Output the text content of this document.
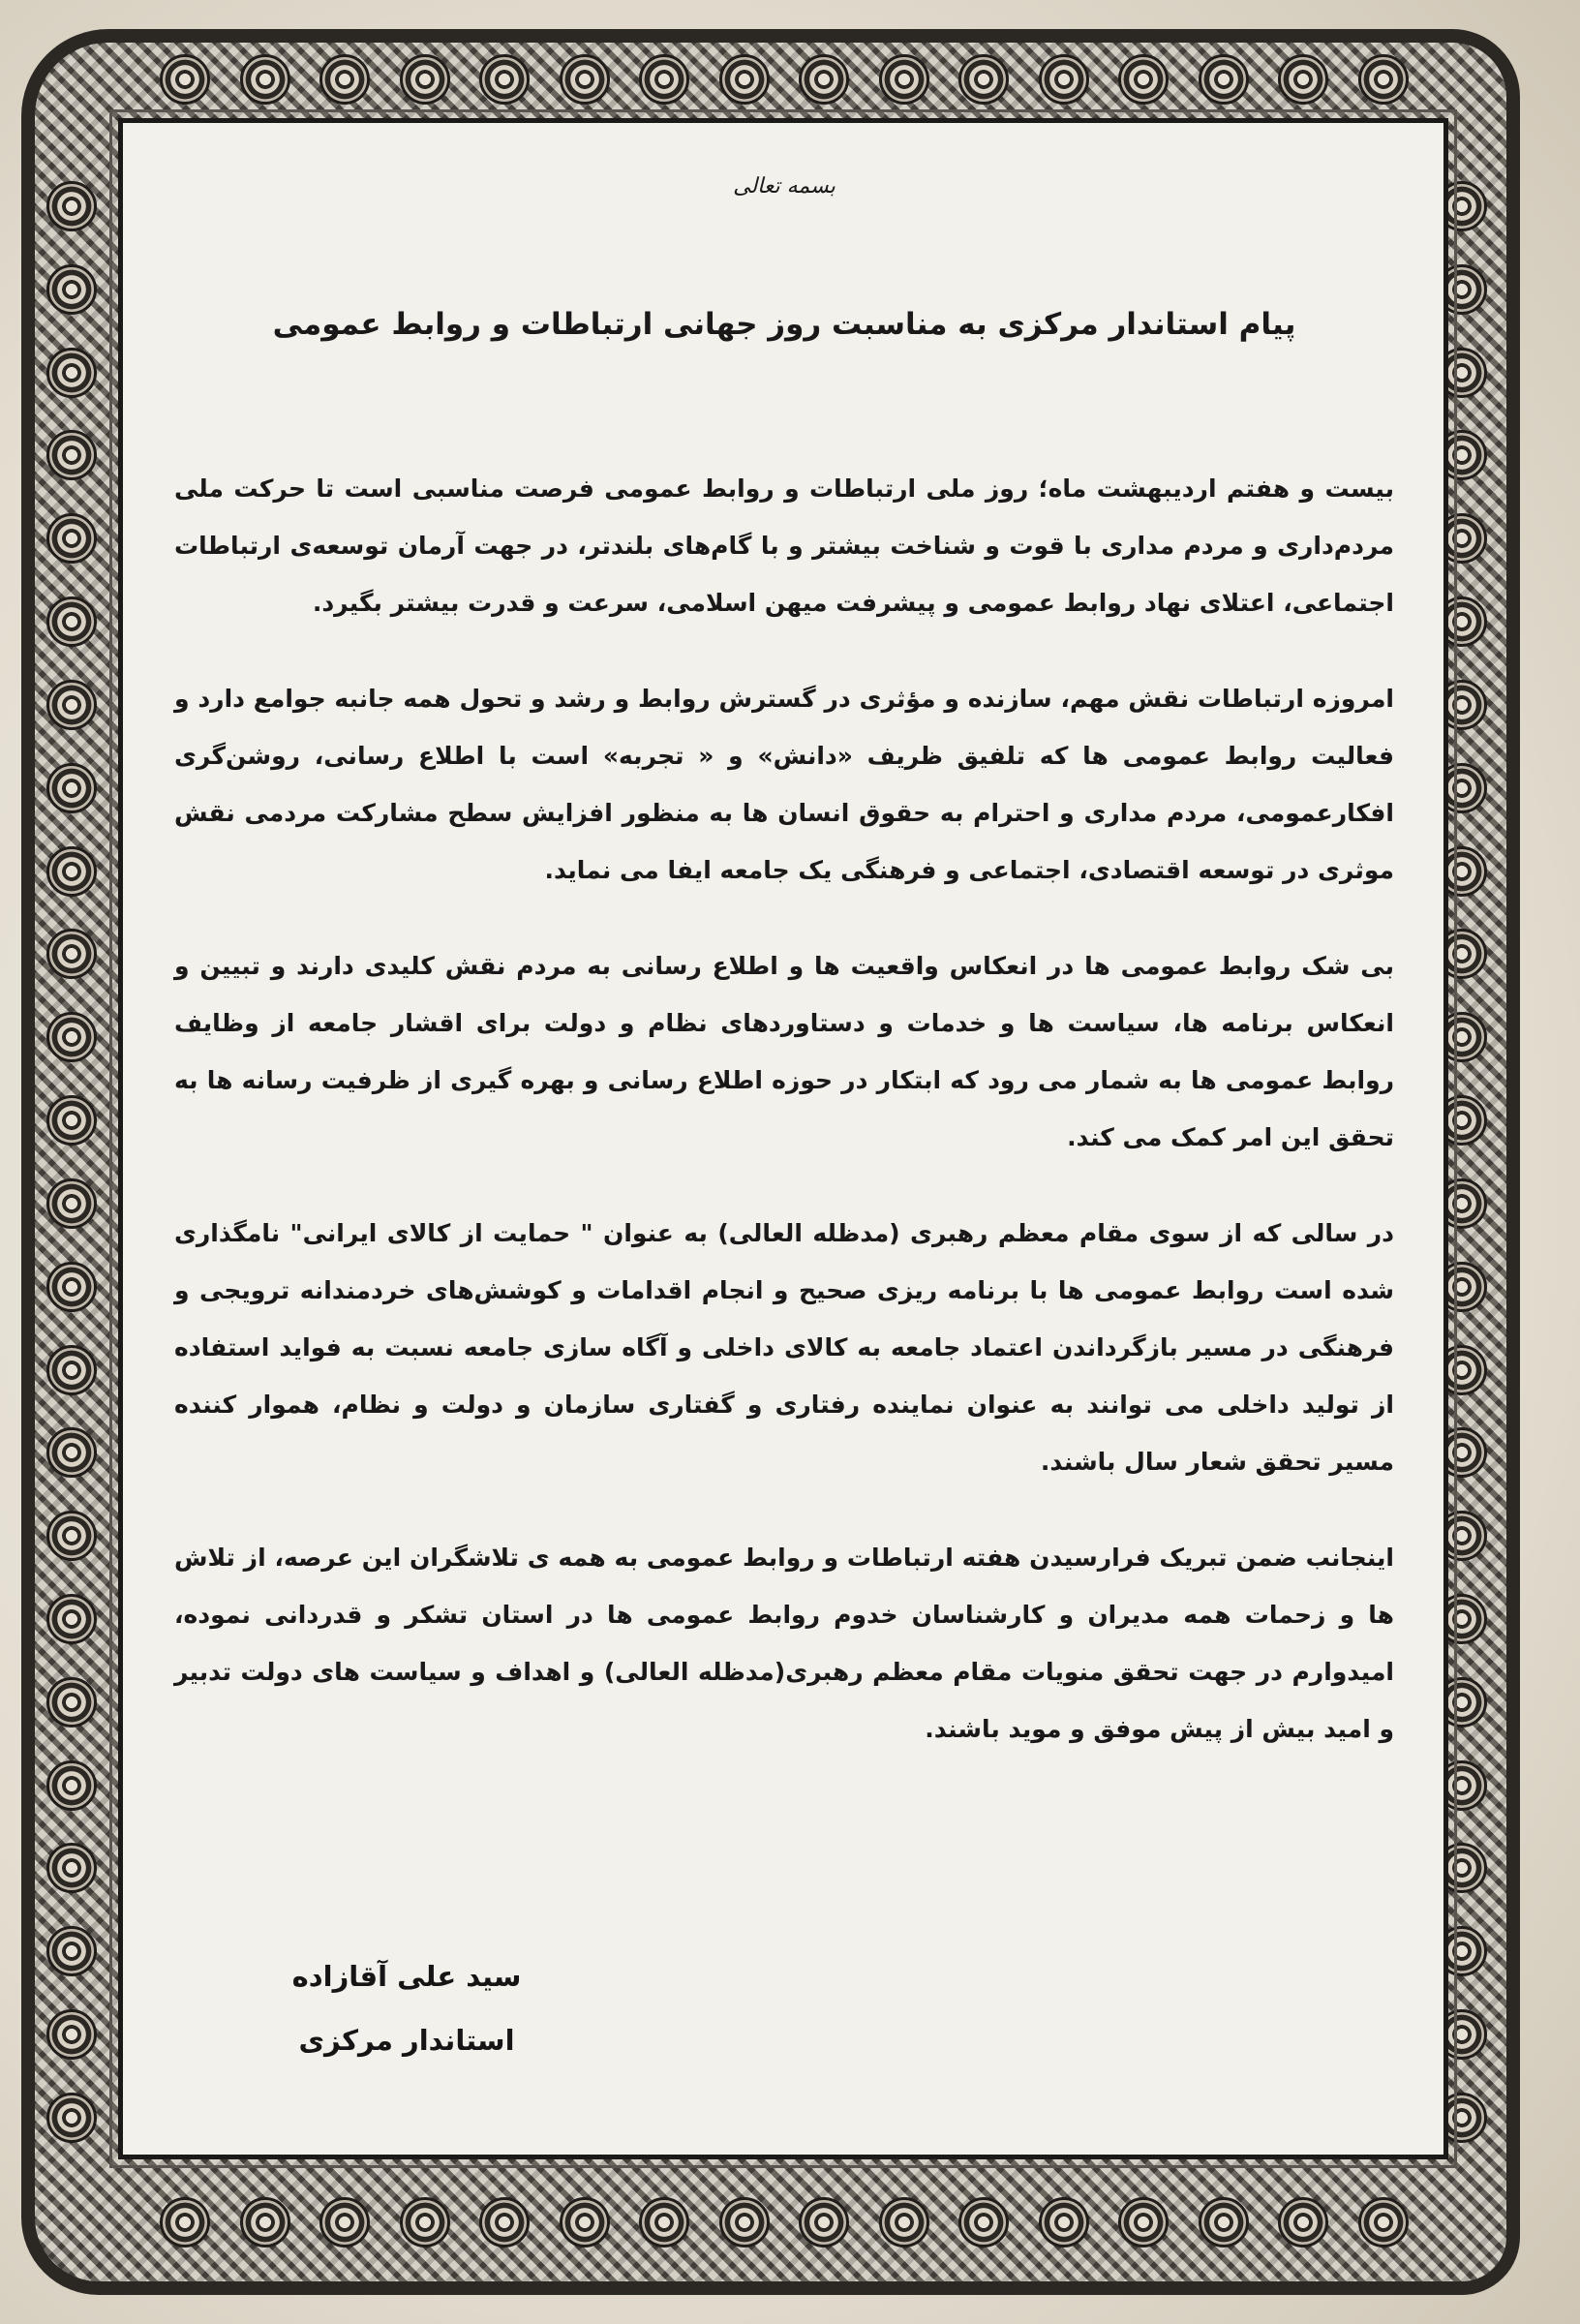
بسمه تعالی
پیام استاندار مرکزی به مناسبت روز جهانی ارتباطات و روابط عمومی

بیست و هفتم اردیبهشت ماه؛ روز ملی ارتباطات و روابط عمومی فرصت مناسبی است تا حرکت ملی مردم‌داری و مردم مداری با قوت و شناخت بیشتر و با گام‌های بلندتر، در جهت آرمان توسعه‌ی ارتباطات اجتماعی، اعتلای نهاد روابط عمومی و پیشرفت میهن اسلامی، سرعت و قدرت بیشتر بگیرد.

امروزه ارتباطات نقش مهم، سازنده و مؤثری در گسترش روابط و رشد و تحول همه جانبه جوامع دارد و فعالیت روابط عمومی ها که تلفیق ظریف «دانش» و « تجربه» است با اطلاع رسانی، روشن‌گری افکارعمومی، مردم مداری و احترام به حقوق انسان ها به منظور افزایش سطح مشارکت مردمی نقش موثری در توسعه اقتصادی، اجتماعی و فرهنگی یک جامعه ایفا می نماید.

بی شک روابط عمومی ها در انعکاس واقعیت ها و اطلاع رسانی به مردم نقش کلیدی دارند و تبیین و انعکاس برنامه ها، سیاست ها و خدمات و دستاوردهای نظام و دولت برای اقشار جامعه از وظایف روابط عمومی ها به شمار می رود که ابتکار در حوزه اطلاع رسانی و بهره گیری از ظرفیت رسانه ها به تحقق این امر کمک می کند.

در سالی که از سوی مقام معظم رهبری (مدظله العالی) به عنوان " حمایت از کالای ایرانی" نامگذاری شده است روابط عمومی ها با برنامه ریزی صحیح و انجام اقدامات و کوشش‌های خردمندانه ترویجی و فرهنگی در مسیر بازگرداندن اعتماد جامعه به کالای داخلی و آگاه سازی جامعه نسبت به فواید استفاده از تولید داخلی می توانند به عنوان نماینده رفتاری و گفتاری سازمان و دولت و نظام، هموار کننده مسیر تحقق شعار سال باشند.

اینجانب ضمن تبریک فرارسیدن هفته ارتباطات و روابط عمومی به همه ی تلاشگران این عرصه، از تلاش ها و زحمات همه مدیران و کارشناسان خدوم روابط عمومی ها در استان تشکر و قدردانی نموده، امیدوارم در جهت تحقق منویات مقام معظم رهبری(مدظله العالی) و اهداف و سیاست های دولت تدبیر و امید بیش از پیش موفق و موید باشند.

سید علی آقازاده
استاندار مرکزی
